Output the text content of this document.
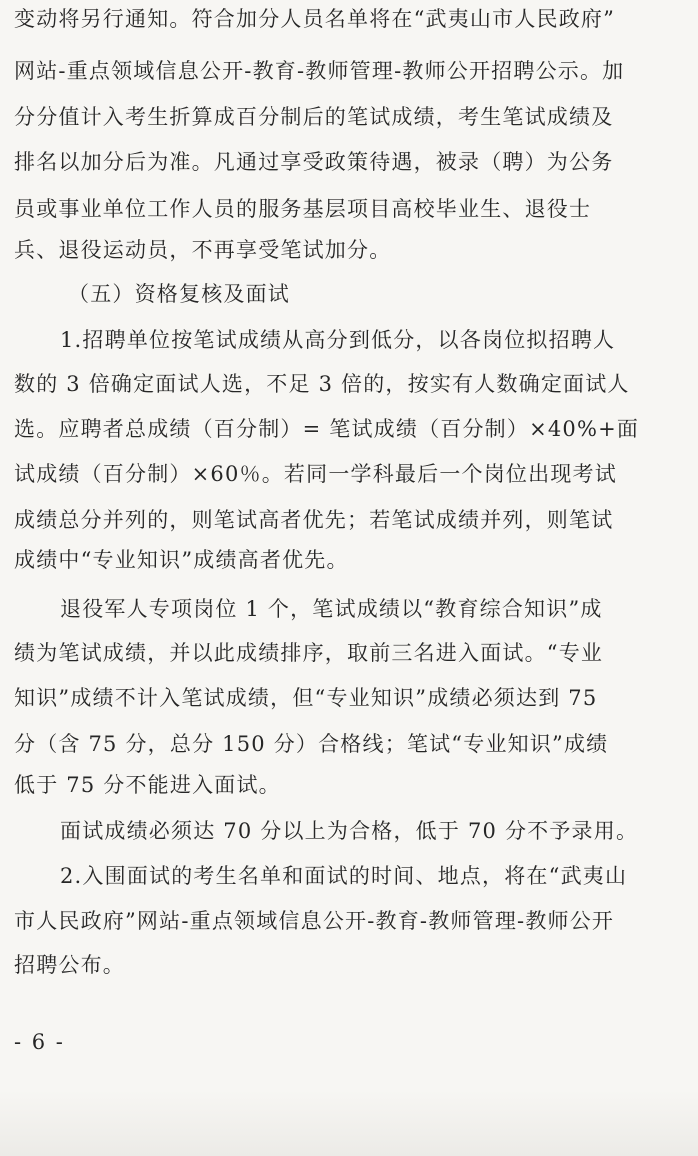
变动将另行通知。符合加分人员名单将在“武夷山市人民政府”
网站-重点领域信息公开-教育-教师管理-教师公开招聘公示。加
分分值计入考生折算成百分制后的笔试成绩，考生笔试成绩及
排名以加分后为准。凡通过享受政策待遇，被录（聘）为公务
员或事业单位工作人员的服务基层项目高校毕业生、退役士
兵、退役运动员，不再享受笔试加分。
（五）资格复核及面试
1.招聘单位按笔试成绩从高分到低分，以各岗位拟招聘人
数的 3 倍确定面试人选，不足 3 倍的，按实有人数确定面试人
选。应聘者总成绩（百分制）= 笔试成绩（百分制）×40%+面
试成绩（百分制）×60％。若同一学科最后一个岗位出现考试
成绩总分并列的，则笔试高者优先；若笔试成绩并列，则笔试
成绩中“专业知识”成绩高者优先。
退役军人专项岗位 1 个，笔试成绩以“教育综合知识”成
绩为笔试成绩，并以此成绩排序，取前三名进入面试。“专业
知识”成绩不计入笔试成绩，但“专业知识”成绩必须达到 75
分（含 75 分，总分 150 分）合格线；笔试“专业知识”成绩
低于 75 分不能进入面试。
面试成绩必须达 70 分以上为合格，低于 70 分不予录用。
2.入围面试的考生名单和面试的时间、地点，将在“武夷山
市人民政府”网站-重点领域信息公开-教育-教师管理-教师公开
招聘公布。
- 6 -
